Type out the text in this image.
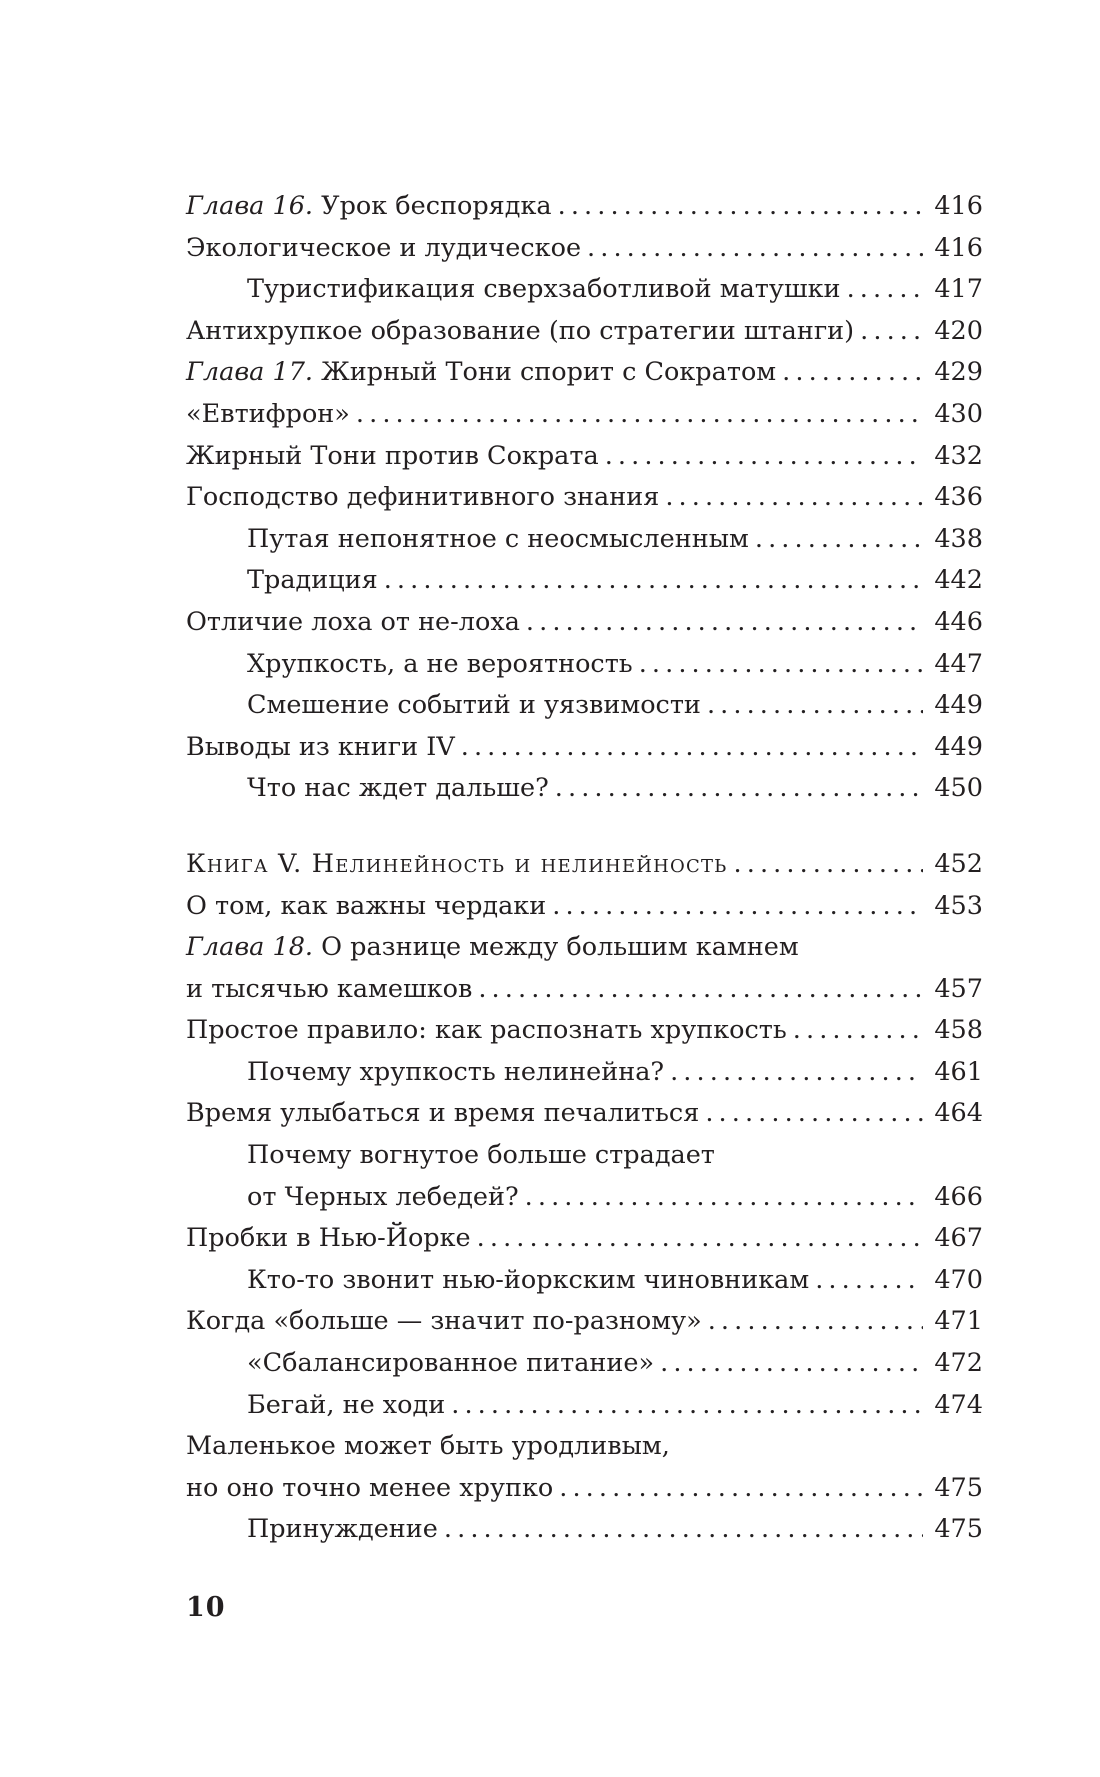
Глава 16. Урок беспорядка . . .	416
Экологическое и лудическое . . .	416
Туристификация сверхзаботливой матушки . . .	417
Антихрупкое образование (по стратегии штанги) . . .	420
Глава 17. Жирный Тони спорит с Сократом . . .	429
«Евтифрон» . . .	430
Жирный Тони против Сократа . . .	432
Господство дефинитивного знания . . .	436
Путая непонятное с неосмысленным . . .	438
Традиция . . .	442
Отличие лоха от не-лоха . . .	446
Хрупкость, а не вероятность . . .	447
Смешение событий и уязвимости . . .	449
Выводы из книги IV . . .	449
Что нас ждет дальше? . . .	450
Книга V. Нелинейность и нелинейность . . .	452
О том, как важны чердаки . . .	453
Глава 18. О разнице между большим камнем
и тысячью камешков . . .	457
Простое правило: как распознать хрупкость . . .	458
Почему хрупкость нелинейна? . . .	461
Время улыбаться и время печалиться . . .	464
Почему вогнутое больше страдает
от Черных лебедей? . . .	466
Пробки в Нью-Йорке . . .	467
Кто-то звонит нью-йоркским чиновникам . . .	470
Когда «больше — значит по-разному» . . .	471
«Сбалансированное питание» . . .	472
Бегай, не ходи . . .	474
Маленькое может быть уродливым,
но оно точно менее хрупко . . .	475
Принуждение . . .	475
10
